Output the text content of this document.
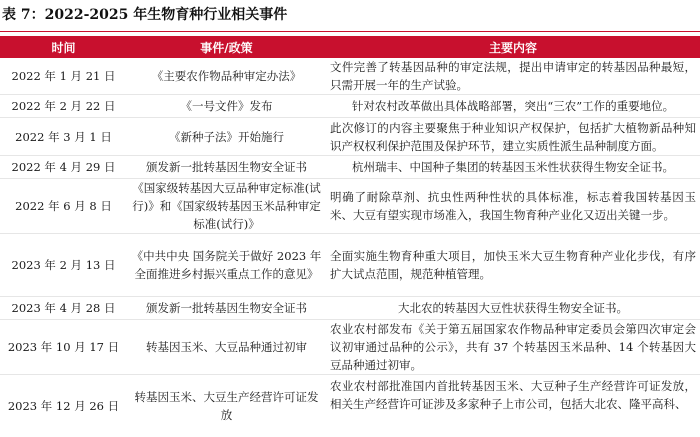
表 7：2022-2025 年生物育种行业相关事件
时间	事件/政策	主要内容
2022 年 1 月 21 日	《主要农作物品种审定办法》	文件完善了转基因品种的审定法规，提出申请审定的转基因品种最短，只需开展一年的生产试验。
2022 年 2 月 22 日	《一号文件》发布	针对农村改革做出具体战略部署，突出“三农”工作的重要地位。
2022 年 3 月 1 日	《新种子法》开始施行	此次修订的内容主要聚焦于种业知识产权保护，包括扩大植物新品种知识产权权利保护范围及保护环节，建立实质性派生品种制度方面。
2022 年 4 月 29 日	颁发新一批转基因生物安全证书	杭州瑞丰、中国种子集团的转基因玉米性状获得生物安全证书。
2022 年 6 月 8 日	《国家级转基因大豆品种审定标准(试行)》和《国家级转基因玉米品种审定标准(试行)》	明确了耐除草剂、抗虫性两种性状的具体标准，标志着我国转基因玉米、大豆有望实现市场准入，我国生物育种产业化又迈出关键一步。
2023 年 2 月 13 日	《中共中央 国务院关于做好 2023 年全面推进乡村振兴重点工作的意见》	全面实施生物育种重大项目，加快玉米大豆生物育种产业化步伐，有序扩大试点范围，规范种植管理。
2023 年 4 月 28 日	颁发新一批转基因生物安全证书	大北农的转基因大豆性状获得生物安全证书。
2023 年 10 月 17 日	转基因玉米、大豆品种通过初审	农业农村部发布《关于第五届国家农作物品种审定委员会第四次审定会议初审通过品种的公示》，共有 37 个转基因玉米品种、14 个转基因大豆品种通过初审。
2023 年 12 月 26 日	转基因玉米、大豆生产经营许可证发放	农业农村部批准国内首批转基因玉米、大豆种子生产经营许可证发放，相关生产经营许可证涉及多家种子上市公司，包括大北农、隆平高科、
